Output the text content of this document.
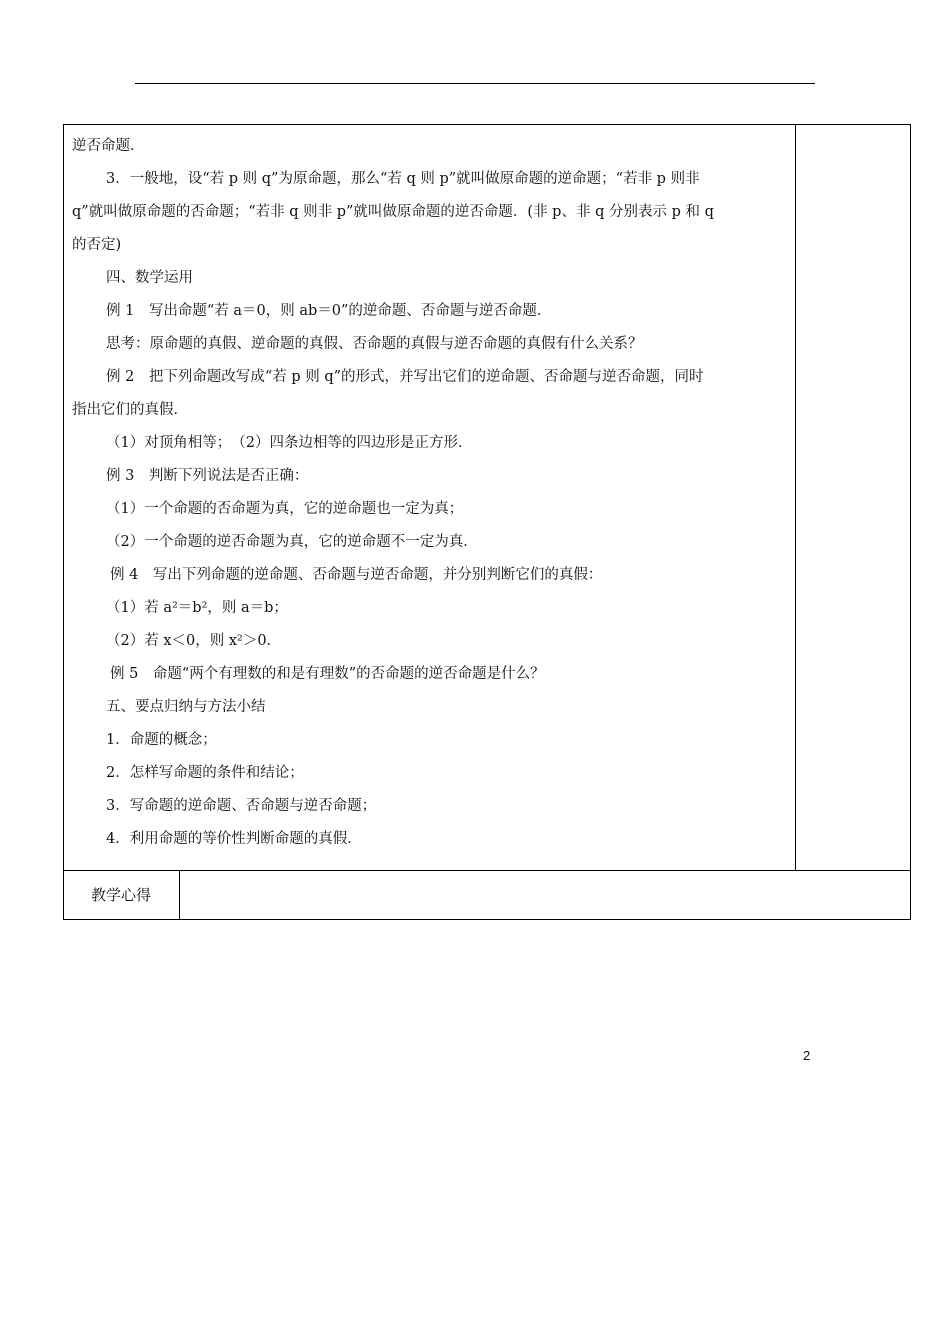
逆否命题．

3．一般地，设“若 p 则 q”为原命题，那么“若 q 则 p”就叫做原命题的逆命题；“若非 p 则非

q”就叫做原命题的否命题；“若非 q 则非 p”就叫做原命题的逆否命题．(非 p、非 q 分别表示 p 和 q

的否定)

四、数学运用

例 1　写出命题“若 a＝0，则 ab＝0”的逆命题、否命题与逆否命题．

思考：原命题的真假、逆命题的真假、否命题的真假与逆否命题的真假有什么关系？

例 2　把下列命题改写成“若 p 则 q”的形式，并写出它们的逆命题、否命题与逆否命题，同时

指出它们的真假．

（1）对顶角相等；　（2）四条边相等的四边形是正方形．

例 3　判断下列说法是否正确：

（1）一个命题的否命题为真，它的逆命题也一定为真；

（2）一个命题的逆否命题为真，它的逆命题不一定为真．

例 4　写出下列命题的逆命题、否命题与逆否命题，并分别判断它们的真假：

（1）若 a²＝b²，则 a＝b；

（2）若 x＜0，则 x²＞0．

例 5　命题“两个有理数的和是有理数”的否命题的逆否命题是什么？

五、要点归纳与方法小结

1．命题的概念；

2．怎样写命题的条件和结论；

3．写命题的逆命题、否命题与逆否命题；

4．利用命题的等价性判断命题的真假．

教学心得
2
